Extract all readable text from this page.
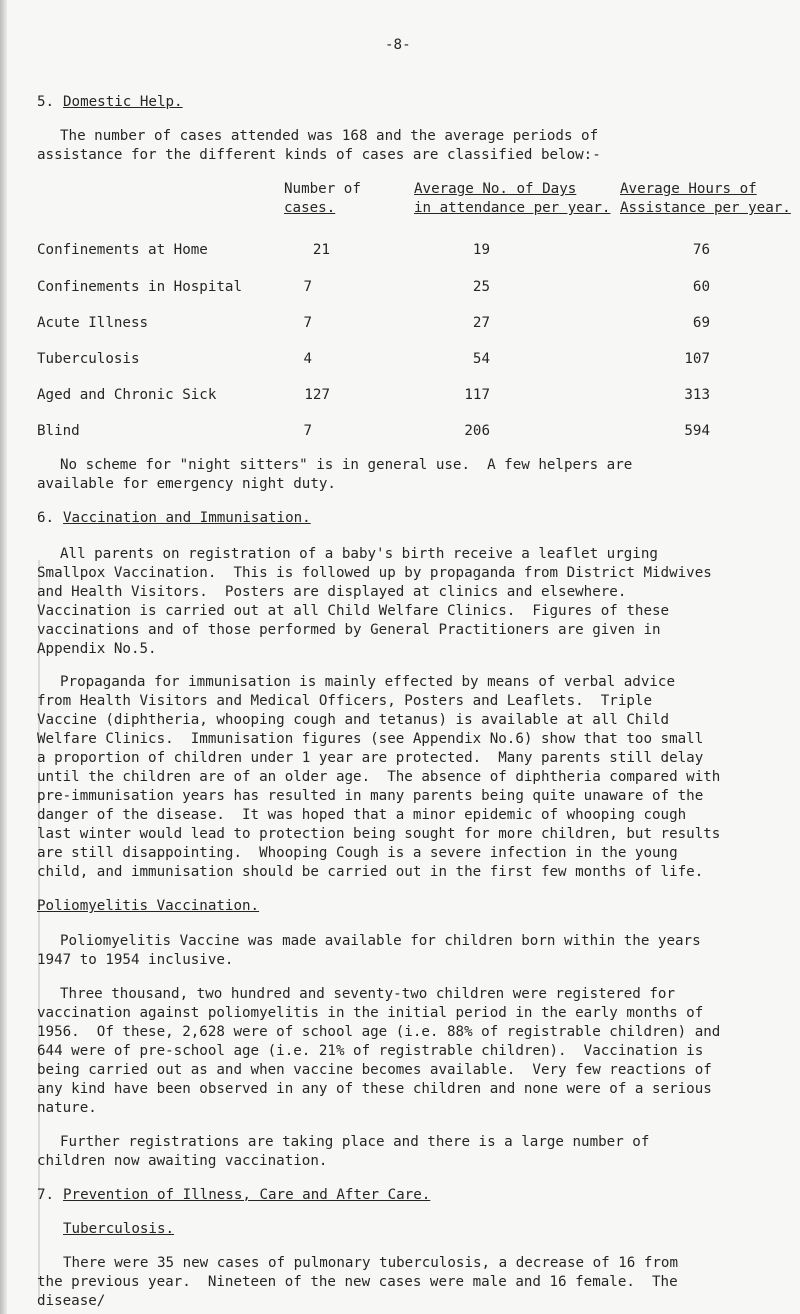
-8-
5. Domestic Help.
The number of cases attended was 168 and the average periods of
assistance for the different kinds of cases are classified below:-
Number of
cases.
Average No. of Days
in attendance per year.
Average Hours of
Assistance per year.
Confinements at Home	21	19	76
Confinements in Hospital	7	25	60
Acute Illness	7	27	69
Tuberculosis	4	54	107
Aged and Chronic Sick	127	117	313
Blind	7	206	594
No scheme for "night sitters" is in general use.  A few helpers are
available for emergency night duty.
6. Vaccination and Immunisation.
All parents on registration of a baby's birth receive a leaflet urging
Smallpox Vaccination.  This is followed up by propaganda from District Midwives
and Health Visitors.  Posters are displayed at clinics and elsewhere.
Vaccination is carried out at all Child Welfare Clinics.  Figures of these
vaccinations and of those performed by General Practitioners are given in
Appendix No.5.
Propaganda for immunisation is mainly effected by means of verbal advice
from Health Visitors and Medical Officers, Posters and Leaflets.  Triple
Vaccine (diphtheria, whooping cough and tetanus) is available at all Child
Welfare Clinics.  Immunisation figures (see Appendix No.6) show that too small
a proportion of children under 1 year are protected.  Many parents still delay
until the children are of an older age.  The absence of diphtheria compared with
pre-immunisation years has resulted in many parents being quite unaware of the
danger of the disease.  It was hoped that a minor epidemic of whooping cough
last winter would lead to protection being sought for more children, but results
are still disappointing.  Whooping Cough is a severe infection in the young
child, and immunisation should be carried out in the first few months of life.
Poliomyelitis Vaccination.
Poliomyelitis Vaccine was made available for children born within the years
1947 to 1954 inclusive.
Three thousand, two hundred and seventy-two children were registered for
vaccination against poliomyelitis in the initial period in the early months of
1956.  Of these, 2,628 were of school age (i.e. 88% of registrable children) and
644 were of pre-school age (i.e. 21% of registrable children).  Vaccination is
being carried out as and when vaccine becomes available.  Very few reactions of
any kind have been observed in any of these children and none were of a serious
nature.
Further registrations are taking place and there is a large number of
children now awaiting vaccination.
7. Prevention of Illness, Care and After Care.
Tuberculosis.
There were 35 new cases of pulmonary tuberculosis, a decrease of 16 from
the previous year.  Nineteen of the new cases were male and 16 female.  The
disease/
